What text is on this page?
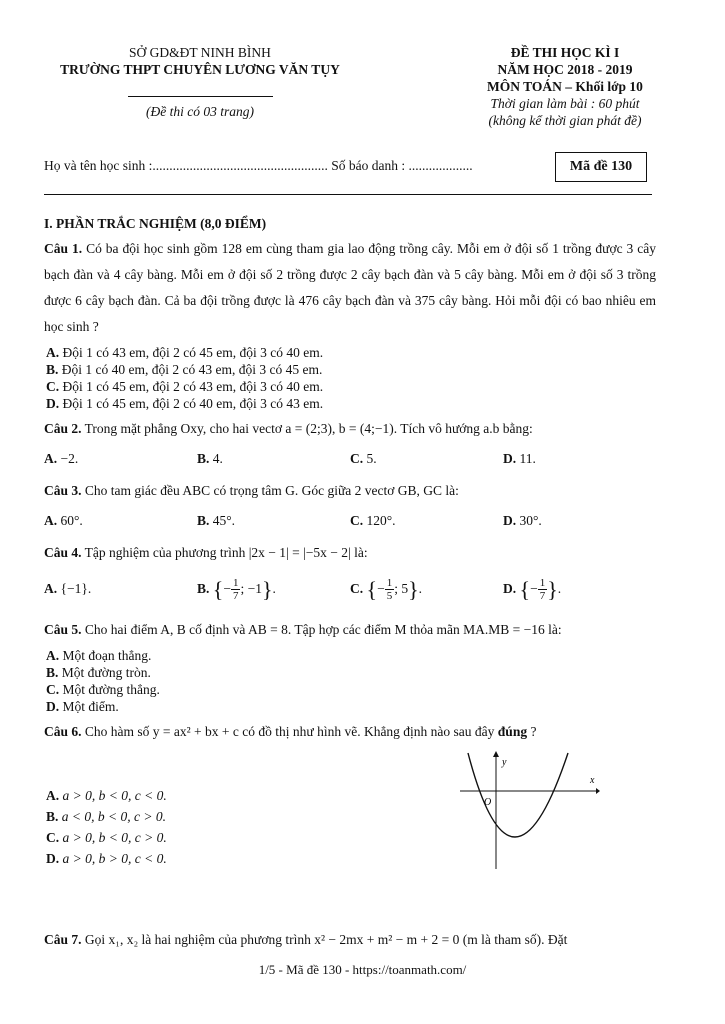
SỞ GD&ĐT NINH BÌNH
TRƯỜNG THPT CHUYÊN LƯƠNG VĂN TỤY
(Đề thi có 03 trang)
ĐỀ THI HỌC KÌ I
NĂM HỌC 2018 - 2019
MÔN TOÁN – Khối lớp 10
Thời gian làm bài : 60 phút
(không kể thời gian phát đề)
Họ và tên học sinh :.................................................... Số báo danh : ...................	Mã đề 130
I. PHẦN TRẮC NGHIỆM (8,0 ĐIỂM)

Câu 1. Có ba đội học sinh gồm 128 em cùng tham gia lao động trồng cây. Mỗi em ở đội số 1 trồng được 3 cây bạch đàn và 4 cây bàng. Mỗi em ở đội số 2 trồng được 2 cây bạch đàn và 5 cây bàng. Mỗi em ở đội số 3 trồng được 6 cây bạch đàn. Cả ba đội trồng được là 476 cây bạch đàn và 375 cây bàng. Hỏi mỗi đội có bao nhiêu em học sinh ?

A. Đội 1 có 43 em, đội 2 có 45 em, đội 3 có 40 em.
B. Đội 1 có 40 em, đội 2 có 43 em, đội 3 có 45 em.
C. Đội 1 có 45 em, đội 2 có 43 em, đội 3 có 40 em.
D. Đội 1 có 45 em, đội 2 có 40 em, đội 3 có 43 em.

Câu 2. Trong mặt phẳng Oxy, cho hai vectơ a = (2;3), b = (4;−1). Tích vô hướng a.b bằng:

A. −2.	B. 4.	C. 5.	D. 11.

Câu 3. Cho tam giác đều ABC có trọng tâm G. Góc giữa 2 vectơ GB, GC là:

A. 60°.	B. 45°.	C. 120°.	D. 30°.

Câu 4. Tập nghiệm của phương trình |2x − 1| = |−5x − 2| là:

A. {−1}.	B. {− $\frac{1}{7}$ ; −1}.	C. {− $\frac{1}{5}$ ; 5}.	D. {− $\frac{1}{7}$ }.

Câu 5. Cho hai điểm A, B cố định và AB = 8. Tập hợp các điểm M thỏa mãn MA.MB = −16 là:

A. Một đoạn thẳng.
B. Một đường tròn.
C. Một đường thẳng.
D. Một điểm.

Câu 6. Cho hàm số y = ax² + bx + c có đồ thị như hình vẽ. Khẳng định nào sau đây đúng ?

A. a > 0, b < 0, c < 0.
B. a < 0, b < 0, c > 0.
C. a > 0, b < 0, c > 0.
D. a > 0, b > 0, c < 0.
y
x
O

Câu 7. Gọi x₁, x₂ là hai nghiệm của phương trình x² − 2mx + m² − m + 2 = 0 (m là tham số). Đặt

1/5 - Mã đề 130 - https://toanmath.com/
